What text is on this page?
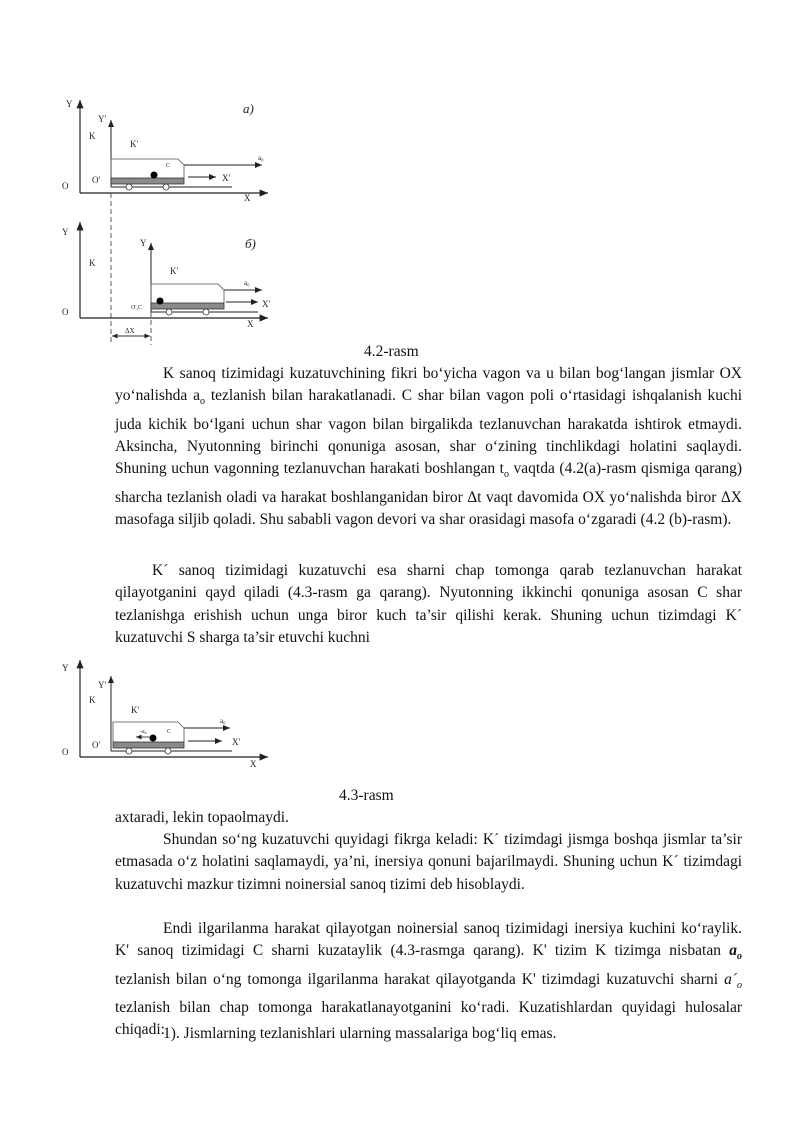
а)
Y
Y'
K
K'
O
O'
C
a₀
X'
X
б)
Y
Y
K
K'
O	O',C
a₀
X'
X
ΔX
4.2-rasm

K sanoq tizimidagi kuzatuvchining fikri bo‘yicha vagon va u bilan bog‘langan jismlar OX yo‘nalishda $a_o$ tezlanish bilan harakatlanadi. C shar bilan vagon poli o‘rtasidagi ishqalanish kuchi juda kichik bo‘lgani uchun shar vagon bilan birgalikda tezlanuvchan harakatda ishtirok etmaydi. Aksincha, Nyutonning birinchi qonuniga asosan, shar o‘zining tinchlikdagi holatini saqlaydi. Shuning uchun vagonning tezlanuvchan harakati boshlangan $t_o$ vaqtda (4.2(a)-rasm qismiga qarang) sharcha tezlanish oladi va harakat boshlanganidan biror Δt vaqt davomida OX yo‘nalishda biror ΔX masofaga siljib qoladi. Shu sababli vagon devori va shar orasidagi masofa o‘zgaradi (4.2 (b)-rasm).

K´ sanoq tizimidagi kuzatuvchi esa sharni chap tomonga qarab tezlanuvchan harakat qilayotganini qayd qiladi (4.3-rasm ga qarang). Nyutonning ikkinchi qonuniga asosan C shar tezlanishga erishish uchun unga biror kuch ta’sir qilishi kerak. Shuning uchun tizimdagi K´ kuzatuvchi S sharga ta’sir etuvchi kuchni

Y
Y'
K
K'
O
O'
-a₀	C
a₀
X'
X
4.3-rasm

axtaradi, lekin topaolmaydi.

Shundan so‘ng kuzatuvchi quyidagi fikrga keladi: K´ tizimdagi jismga boshqa jismlar ta’sir etmasada o‘z holatini saqlamaydi, ya’ni, inersiya qonuni bajarilmaydi. Shuning uchun K´ tizimdagi kuzatuvchi mazkur tizimni noinersial sanoq tizimi deb hisoblaydi.

Endi ilgarilanma harakat qilayotgan noinersial sanoq tizimidagi inersiya kuchini ko‘raylik. K' sanoq tizimidagi C sharni kuzataylik (4.3-rasmga qarang). K' tizim K tizimga nisbatan $a_o$ tezlanish bilan o‘ng tomonga ilgarilanma harakat qilayotganda K' tizimdagi kuzatuvchi sharni $a´_o$ tezlanish bilan chap tomonga harakatlanayotganini ko‘radi. Kuzatishlardan quyidagi hulosalar chiqadi:

1). Jismlarning tezlanishlari ularning massalariga bog‘liq emas.
